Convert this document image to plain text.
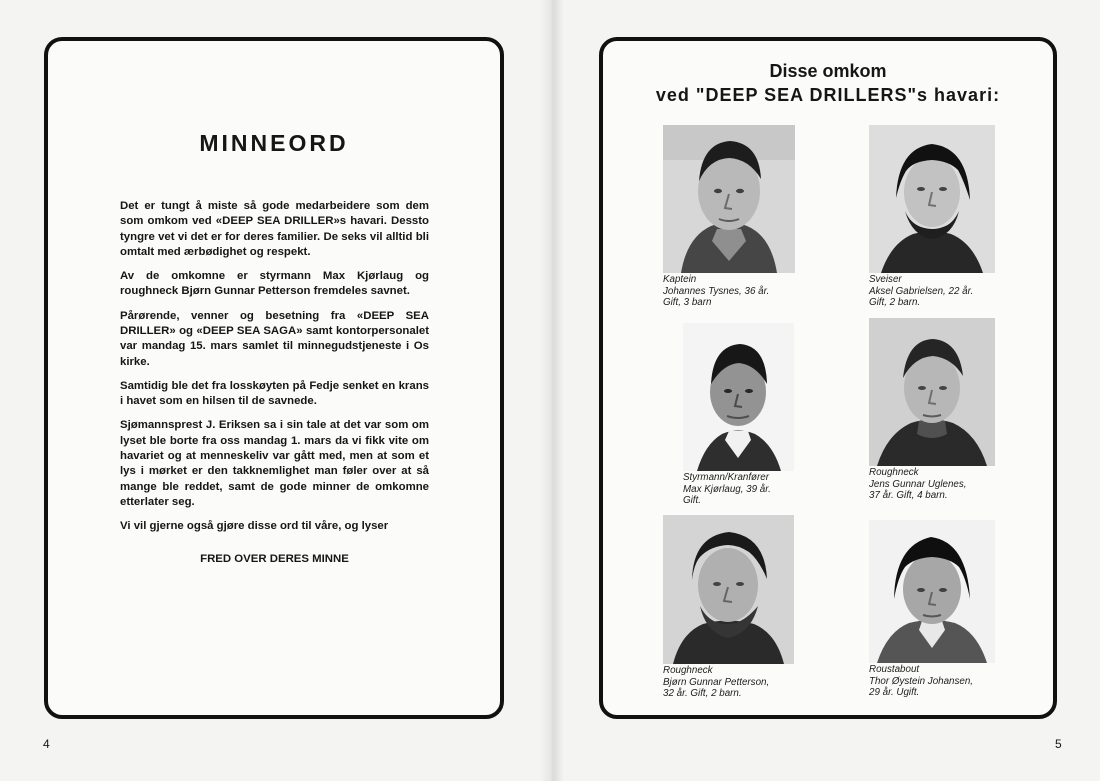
MINNEORD

Det er tungt å miste så gode medarbeidere som dem som omkom ved «DEEP SEA DRILLER»s havari. Dessto tyngre vet vi det er for deres familier. De seks vil alltid bli omtalt med ærbødighet og respekt.

Av de omkomne er styrmann Max Kjørlaug og roughneck Bjørn Gunnar Petterson fremdeles savnet.

Pårørende, venner og besetning fra «DEEP SEA DRILLER» og «DEEP SEA SAGA» samt kontorpersonalet var mandag 15. mars samlet til minnegudstjeneste i Os kirke.

Samtidig ble det fra losskøyten på Fedje senket en krans i havet som en hilsen til de savnede.

Sjømannsprest J. Eriksen sa i sin tale at det var som om lyset ble borte fra oss mandag 1. mars da vi fikk vite om havariet og at menneskeliv var gått med, men at som et lys i mørket er den takknemlighet man føler over at så mange ble reddet, samt de gode minner de omkomne etterlater seg.

Vi vil gjerne også gjøre disse ord til våre, og lyser

FRED OVER DERES MINNE
4
Disse omkom
ved "DEEP SEA DRILLERS"s havari:
Kaptein
Johannes Tysnes, 36 år.
Gift, 3 barn
Sveiser
Aksel Gabrielsen, 22 år.
Gift, 2 barn.
Styrmann/Kranfører
Max Kjørlaug, 39 år.
Gift.
Roughneck
Jens Gunnar Uglenes,
37 år. Gift, 4 barn.
Roughneck
Bjørn Gunnar Petterson,
32 år. Gift, 2 barn.
Roustabout
Thor Øystein Johansen,
29 år. Ugift.
5
